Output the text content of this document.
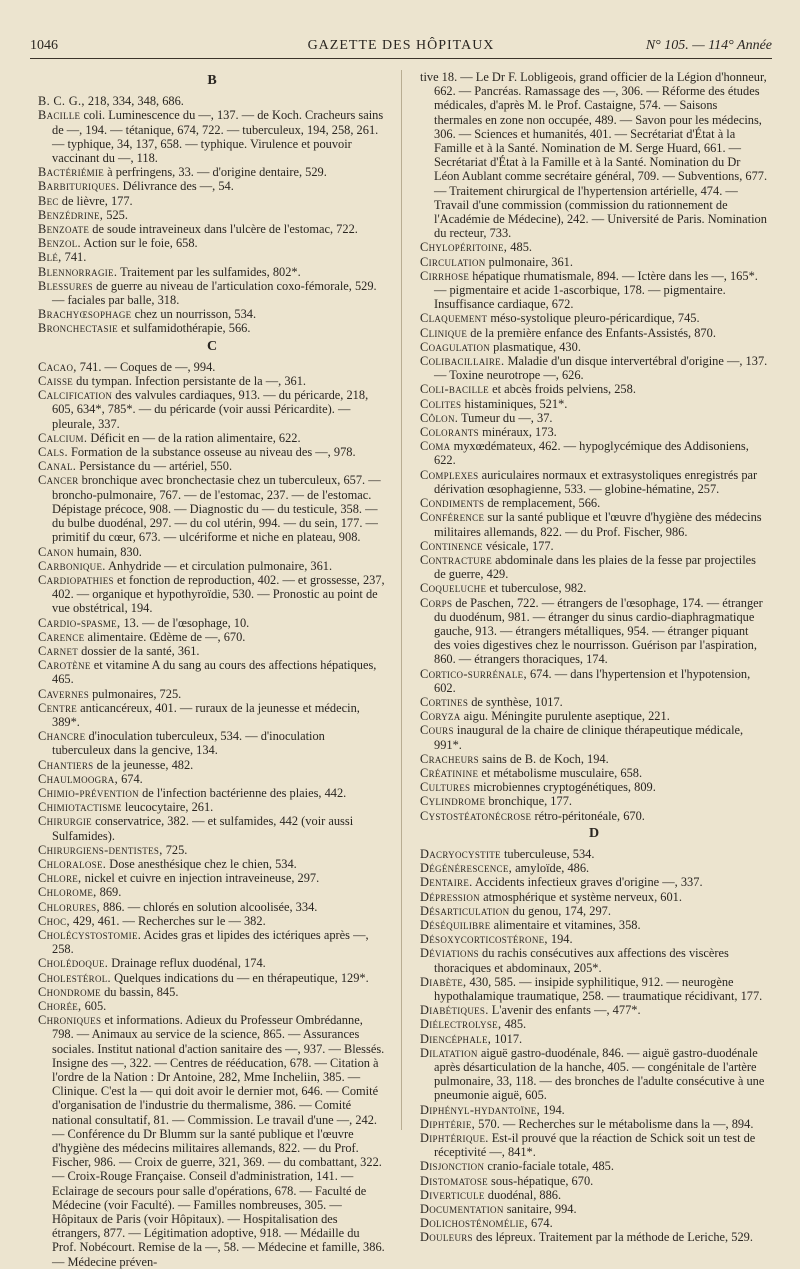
1046	GAZETTE DES HÔPITAUX	N° 105. — 114° Année
B

B. C. G., 218, 334, 348, 686.

Bacille coli. Luminescence du —, 137. — de Koch. Cracheurs sains de —, 194. — tétanique, 674, 722. — tuberculeux, 194, 258, 261. — typhique, 34, 137, 658. — typhique. Virulence et pouvoir vaccinant du —, 118.

Bactériémie à perfringens, 33. — d'origine dentaire, 529.

Barbituriques. Délivrance des —, 54.

Bec de lièvre, 177.

Benzédrine, 525.

Benzoate de soude intraveineux dans l'ulcère de l'estomac, 722.

Benzol. Action sur le foie, 658.

Blé, 741.

Blennorragie. Traitement par les sulfamides, 802*.

Blessures de guerre au niveau de l'articulation coxo-fémorale, 529. — faciales par balle, 318.

Brachyœsophage chez un nourrisson, 534.

Bronchectasie et sulfamidothérapie, 566.

C

Cacao, 741. — Coques de —, 994.

Caisse du tympan. Infection persistante de la —, 361.

Calcification des valvules cardiaques, 913. — du péricarde, 218, 605, 634*, 785*. — du péricarde (voir aussi Péricardite). — pleurale, 337.

Calcium. Déficit en — de la ration alimentaire, 622.

Cals. Formation de la substance osseuse au niveau des —, 978.

Canal. Persistance du — artériel, 550.

Cancer bronchique avec bronchectasie chez un tuberculeux, 657. — broncho-pulmonaire, 767. — de l'estomac, 237. — de l'estomac. Dépistage précoce, 908. — Diagnostic du — du testicule, 358. — du bulbe duodénal, 297. — du col utérin, 994. — du sein, 177. — primitif du cœur, 673. — ulcériforme et niche en plateau, 908.

Canon humain, 830.

Carbonique. Anhydride — et circulation pulmonaire, 361.

Cardiopathies et fonction de reproduction, 402. — et grossesse, 237, 402. — organique et hypothyroïdie, 530. — Pronostic au point de vue obstétrical, 194.

Cardio-spasme, 13. — de l'œsophage, 10.

Carence alimentaire. Œdème de —, 670.

Carnet dossier de la santé, 361.

Carotène et vitamine A du sang au cours des affections hépatiques, 465.

Cavernes pulmonaires, 725.

Centre anticancéreux, 401. — ruraux de la jeunesse et médecin, 389*.

Chancre d'inoculation tuberculeux, 534. — d'inoculation tuberculeux dans la gencive, 134.

Chantiers de la jeunesse, 482.

Chaulmoogra, 674.

Chimio-prévention de l'infection bactérienne des plaies, 442.

Chimiotactisme leucocytaire, 261.

Chirurgie conservatrice, 382. — et sulfamides, 442 (voir aussi Sulfamides).

Chirurgiens-dentistes, 725.

Chloralose. Dose anesthésique chez le chien, 534.

Chlore, nickel et cuivre en injection intraveineuse, 297.

Chlorome, 869.

Chlorures, 886. — chlorés en solution alcoolisée, 334.

Choc, 429, 461. — Recherches sur le — 382.

Cholécystostomie. Acides gras et lipides des ictériques après —, 258.

Cholédoque. Drainage reflux duodénal, 174.

Cholestérol. Quelques indications du — en thérapeutique, 129*.

Chondrome du bassin, 845.

Chorée, 605.

Chroniques et informations. Adieux du Professeur Ombrédanne, 798. — Animaux au service de la science, 865. — Assurances sociales. Institut national d'action sanitaire des —, 937. — Blessés. Insigne des —, 322. — Centres de rééducation, 678. — Citation à l'ordre de la Nation : Dr Antoine, 282, Mme Incheliin, 385. — Clinique. C'est la — qui doit avoir le dernier mot, 646. — Comité d'organisation de l'industrie du thermalisme, 386. — Comité national consultatif, 81. — Commission. Le travail d'une —, 242. — Conférence du Dr Blumm sur la santé publique et l'œuvre d'hygiène des médecins militaires allemands, 822. — du Prof. Fischer, 986. — Croix de guerre, 321, 369. — du combattant, 322. — Croix-Rouge Française. Conseil d'administration, 141. — Eclairage de secours pour salle d'opérations, 678. — Faculté de Médecine (voir Faculté). — Familles nombreuses, 305. — Hôpitaux de Paris (voir Hôpitaux). — Hospitalisation des étrangers, 877. — Légitimation adoptive, 918. — Médaille du Prof. Nobécourt. Remise de la —, 58. — Médecine et famille, 386. — Médecine préven-

tive 18. — Le Dr F. Lobligeois, grand officier de la Légion d'honneur, 662. — Pancréas. Ramassage des —, 306. — Réforme des études médicales, d'après M. le Prof. Castaigne, 574. — Saisons thermales en zone non occupée, 489. — Savon pour les médecins, 306. — Sciences et humanités, 401. — Secrétariat d'État à la Famille et à la Santé. Nomination de M. Serge Huard, 661. — Secrétariat d'État à la Famille et à la Santé. Nomination du Dr Léon Aublant comme secrétaire général, 709. — Subventions, 677. — Traitement chirurgical de l'hypertension artérielle, 474. — Travail d'une commission (commission du rationnement de l'Académie de Médecine), 242. — Université de Paris. Nomination du recteur, 733.

Chylopéritoine, 485.

Circulation pulmonaire, 361.

Cirrhose hépatique rhumatismale, 894. — Ictère dans les —, 165*. — pigmentaire et acide 1-ascorbique, 178. — pigmentaire. Insuffisance cardiaque, 672.

Claquement méso-systolique pleuro-péricardique, 745.

Clinique de la première enfance des Enfants-Assistés, 870.

Coagulation plasmatique, 430.

Colibacillaire. Maladie d'un disque intervertébral d'origine —, 137. — Toxine neurotrope —, 626.

Coli-bacille et abcès froids pelviens, 258.

Colites histaminiques, 521*.

Côlon. Tumeur du —, 37.

Colorants minéraux, 173.

Coma myxœdémateux, 462. — hypoglycémique des Addisoniens, 622.

Complexes auriculaires normaux et extrasystoliques enregistrés par dérivation œsophagienne, 533. — globine-hématine, 257.

Condiments de remplacement, 566.

Conférence sur la santé publique et l'œuvre d'hygiène des médecins militaires allemands, 822. — du Prof. Fischer, 986.

Continence vésicale, 177.

Contracture abdominale dans les plaies de la fesse par projectiles de guerre, 429.

Coqueluche et tuberculose, 982.

Corps de Paschen, 722. — étrangers de l'œsophage, 174. — étranger du duodénum, 981. — étranger du sinus cardio-diaphragmatique gauche, 913. — étrangers métalliques, 954. — étranger piquant des voies digestives chez le nourrisson. Guérison par l'aspiration, 860. — étrangers thoraciques, 174.

Cortico-surrénale, 674. — dans l'hypertension et l'hypotension, 602.

Cortines de synthèse, 1017.

Coryza aigu. Méningite purulente aseptique, 221.

Cours inaugural de la chaire de clinique thérapeutique médicale, 991*.

Cracheurs sains de B. de Koch, 194.

Créatinine et métabolisme musculaire, 658.

Cultures microbiennes cryptogénétiques, 809.

Cylindrome bronchique, 177.

Cystostéatonécrose rétro-péritonéale, 670.

D

Dacryocystite tuberculeuse, 534.

Dégénérescence, amyloïde, 486.

Dentaire. Accidents infectieux graves d'origine —, 337.

Dépression atmosphérique et système nerveux, 601.

Désarticulation du genou, 174, 297.

Déséquilibre alimentaire et vitamines, 358.

Désoxycorticostérone, 194.

Déviations du rachis consécutives aux affections des viscères thoraciques et abdominaux, 205*.

Diabète, 430, 585. — insipide syphilitique, 912. — neurogène hypothalamique traumatique, 258. — traumatique récidivant, 177.

Diabétiques. L'avenir des enfants —, 477*.

Diélectrolyse, 485.

Diencéphale, 1017.

Dilatation aiguë gastro-duodénale, 846. — aiguë gastro-duodénale après désarticulation de la hanche, 405. — congénitale de l'artère pulmonaire, 33, 118. — des bronches de l'adulte consécutive à une pneumonie aiguë, 605.

Diphényl-hydantoïne, 194.

Diphtérie, 570. — Recherches sur le métabolisme dans la —, 894.

Diphtérique. Est-il prouvé que la réaction de Schick soit un test de réceptivité —, 841*.

Disjonction cranio-faciale totale, 485.

Distomatose sous-hépatique, 670.

Diverticule duodénal, 886.

Documentation sanitaire, 994.

Dolichosténomélie, 674.

Douleurs des lépreux. Traitement par la méthode de Leriche, 529.
